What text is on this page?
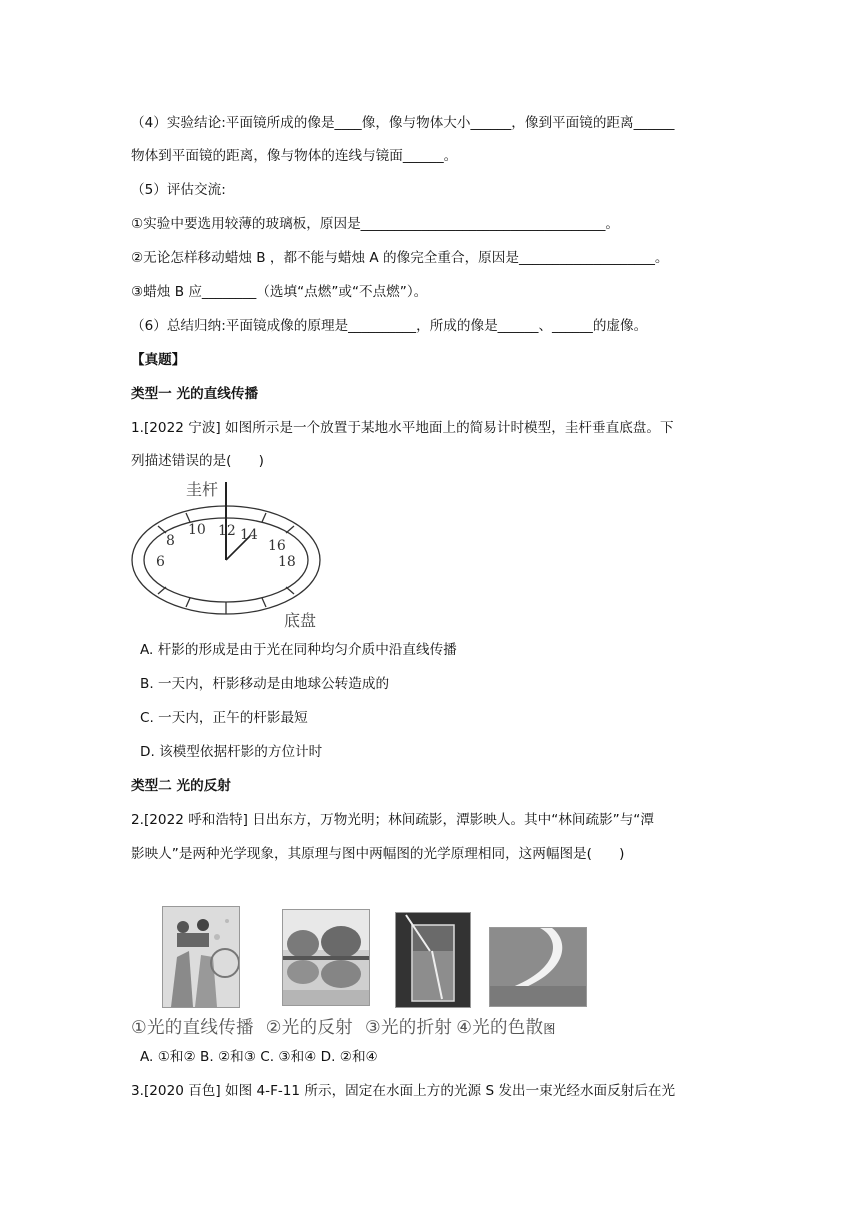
（4）实验结论:平面镜所成的像是____像，像与物体大小______，像到平面镜的距离______
物体到平面镜的距离，像与物体的连线与镜面______。
（5）评估交流:
①实验中要选用较薄的玻璃板，原因是____________________________________。
②无论怎样移动蜡烛 B ，都不能与蜡烛 A 的像完全重合，原因是____________________。
③蜡烛 B 应________（选填“点燃”或“不点燃”）。
（6）总结归纳:平面镜成像的原理是__________，所成的像是______、______的虚像。
【真题】
类型一 光的直线传播
1.[2022 宁波] 如图所示是一个放置于某地水平地面上的简易计时模型，圭杆垂直底盘。下
列描述错误的是(　　)
圭杆
6
8
10 12 14
16
18
底盘
A. 杆影的形成是由于光在同种均匀介质中沿直线传播
B. 一天内，杆影移动是由地球公转造成的
C. 一天内，正午的杆影最短
D. 该模型依据杆影的方位计时
类型二 光的反射
2.[2022 呼和浩特] 日出东方，万物光明；林间疏影，潭影映人。其中“林间疏影”与“潭
影映人”是两种光学现象，其原理与图中两幅图的光学原理相同，这两幅图是(　　)
①光的直线传播 ②光的反射 ③光的折射 ④光的色散图
A. ①和② B. ②和③ C. ③和④ D. ②和④
3.[2020 百色] 如图 4-F-11 所示，固定在水面上方的光源 S 发出一束光经水面反射后在光
